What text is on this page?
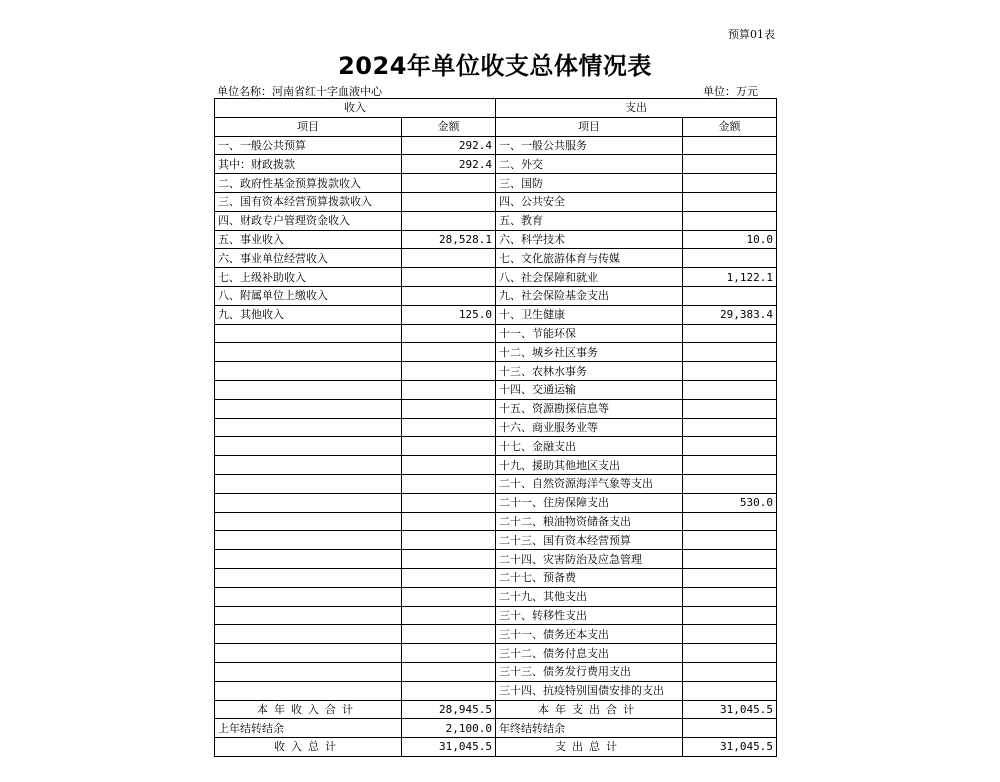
预算01表
2024年单位收支总体情况表
单位名称：河南省红十字血液中心	单位：万元
收入		支出	
项目	金额	项目	金额
一、一般公共预算	292.4	一、一般公共服务	
其中：财政拨款	292.4	二、外交	
二、政府性基金预算拨款收入		三、国防	
三、国有资本经营预算拨款收入		四、公共安全	
四、财政专户管理资金收入		五、教育	
五、事业收入	28,528.1	六、科学技术	10.0
六、事业单位经营收入		七、文化旅游体育与传媒	
七、上级补助收入		八、社会保障和就业	1,122.1
八、附属单位上缴收入		九、社会保险基金支出	
九、其他收入	125.0	十、卫生健康	29,383.4
		十一、节能环保	
		十二、城乡社区事务	
		十三、农林水事务	
		十四、交通运输	
		十五、资源勘探信息等	
		十六、商业服务业等	
		十七、金融支出	
		十九、援助其他地区支出	
		二十、自然资源海洋气象等支出	
		二十一、住房保障支出	530.0
		二十二、粮油物资储备支出	
		二十三、国有资本经营预算	
		二十四、灾害防治及应急管理	
		二十七、预备费	
		二十九、其他支出	
		三十、转移性支出	
		三十一、债务还本支出	
		三十二、债务付息支出	
		三十三、债务发行费用支出	
		三十四、抗疫特别国债安排的支出	
本年收入合计	28,945.5	本年支出合计	31,045.5
上年结转结余	2,100.0	年终结转结余	
收入总计	31,045.5	支出总计	31,045.5
